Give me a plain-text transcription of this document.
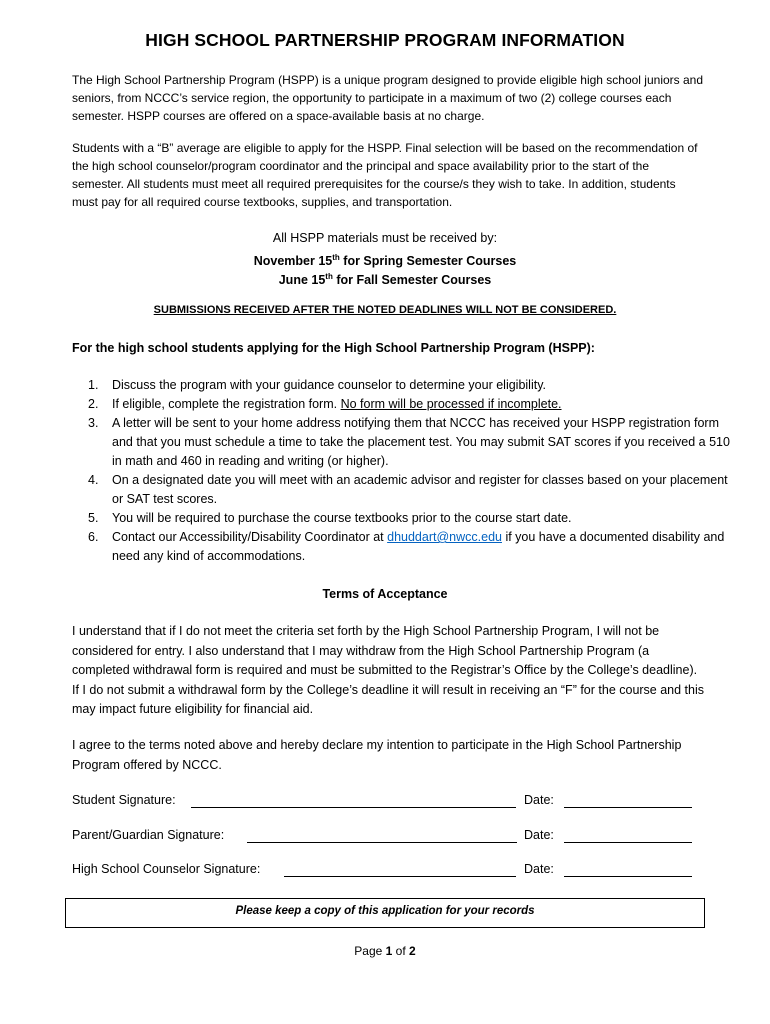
HIGH SCHOOL PARTNERSHIP PROGRAM INFORMATION

The High School Partnership Program (HSPP) is a unique program designed to provide eligible high school juniors and seniors, from NCCC’s service region, the opportunity to participate in a maximum of two (2) college courses each semester. HSPP courses are offered on a space-available basis at no charge.

Students with a “B” average are eligible to apply for the HSPP. Final selection will be based on the recommendation of the high school counselor/program coordinator and the principal and space availability prior to the start of the semester. All students must meet all required prerequisites for the course/s they wish to take. In addition, students must pay for all required course textbooks, supplies, and transportation.

All HSPP materials must be received by:
November 15th for Spring Semester Courses
June 15th for Fall Semester Courses
SUBMISSIONS RECEIVED AFTER THE NOTED DEADLINES WILL NOT BE CONSIDERED.
For the high school students applying for the High School Partnership Program (HSPP):
1. Discuss the program with your guidance counselor to determine your eligibility.
2. If eligible, complete the registration form. No form will be processed if incomplete.
3. A letter will be sent to your home address notifying them that NCCC has received your HSPP registration form and that you must schedule a time to take the placement test. You may submit SAT scores if you received a 510 in math and 460 in reading and writing (or higher).
4. On a designated date you will meet with an academic advisor and register for classes based on your placement or SAT test scores.
5. You will be required to purchase the course textbooks prior to the course start date.
6. Contact our Accessibility/Disability Coordinator at dhuddart@nwcc.edu if you have a documented disability and need any kind of accommodations.
Terms of Acceptance
I understand that if I do not meet the criteria set forth by the High School Partnership Program, I will not be considered for entry. I also understand that I may withdraw from the High School Partnership Program (a completed withdrawal form is required and must be submitted to the Registrar’s Office by the College’s deadline). If I do not submit a withdrawal form by the College’s deadline it will result in receiving an “F” for the course and this may impact future eligibility for financial aid.
I agree to the terms noted above and hereby declare my intention to participate in the High School Partnership Program offered by NCCC.
Student Signature:	Date:
Parent/Guardian Signature:	Date:
High School Counselor Signature:	Date:
Please keep a copy of this application for your records
Page 1 of 2
